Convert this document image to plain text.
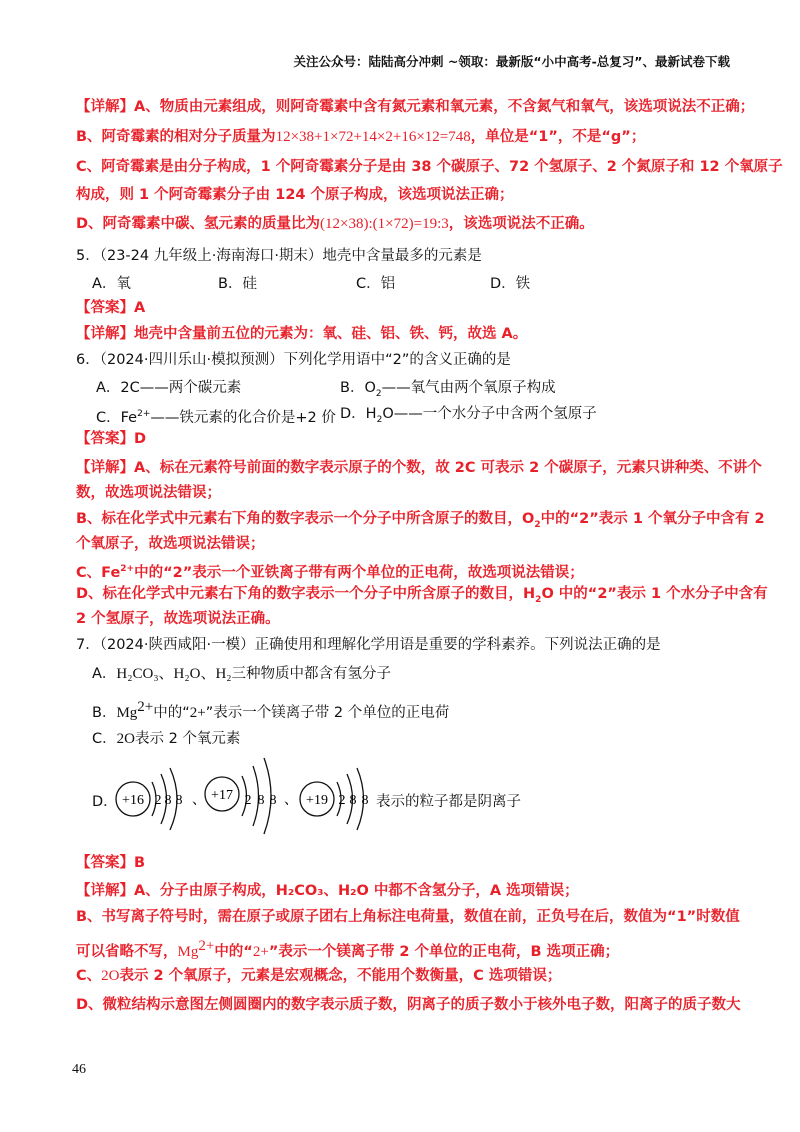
关注公众号：陆陆高分冲刺 ~领取：最新版“小中高考-总复习”、最新试卷下载
【详解】A、物质由元素组成，则阿奇霉素中含有氮元素和氧元素，不含氮气和氧气，该选项说法不正确；
B、阿奇霉素的相对分子质量为12×38+1×72+14×2+16×12=748，单位是“1”，不是“g”；
C、阿奇霉素是由分子构成，1 个阿奇霉素分子是由 38 个碳原子、72 个氢原子、2 个氮原子和 12 个氧原子
构成，则 1 个阿奇霉素分子由 124 个原子构成，该选项说法正确；
D、阿奇霉素中碳、氢元素的质量比为(12×38):(1×72)=19:3，该选项说法不正确。
5．（23-24 九年级上·海南海口·期末）地壳中含量最多的元素是
A．氧	B．硅	C．铝	D．铁
【答案】A
【详解】地壳中含量前五位的元素为：氧、硅、铝、铁、钙，故选 A。
6．（2024·四川乐山·模拟预测）下列化学用语中“2”的含义正确的是
A．2C——两个碳元素	B．$O_2——$氧气由两个氧原子构成
C．$Fe^{2+}——$铁元素的化合价是+2 价 D．$H_2O——$一个水分子中含两个氢原子
【答案】D
【详解】A、标在元素符号前面的数字表示原子的个数，故 2C 可表示 2 个碳原子，元素只讲种类、不讲个
数，故选项说法错误；
B、标在化学式中元素右下角的数字表示一个分子中所含原子的数目，$O_2$中的“2”表示 1 个氧分子中含有 2
个氧原子，故选项说法错误；
C、$Fe^{2+}$中的“2”表示一个亚铁离子带有两个单位的正电荷，故选项说法错误；
D、标在化学式中元素右下角的数字表示一个分子中所含原子的数目，$H_2O$ 中的“2”表示 1 个水分子中含有
2 个氢原子，故选项说法正确。
7．（2024·陕西咸阳·一模）正确使用和理解化学用语是重要的学科素养。下列说法正确的是
A．H₂CO₃、H₂O、H₂三种物质中都含有氢分子
B．$Mg^{2+}$中的“2+”表示一个镁离子带 2 个单位的正电荷
C．2O表示 2 个氧元素
D． +16 2 8 8 、 +17 2 8 8 、 +19 2 8 8 表示的粒子都是阴离子
【答案】B
【详解】A、分子由原子构成，H₂CO₃、H₂O 中都不含氢分子，A 选项错误；
B、书写离子符号时，需在原子或原子团右上角标注电荷量，数值在前，正负号在后，数值为“1”时数值
可以省略不写，$Mg^{2+}$中的“2+”表示一个镁离子带 2 个单位的正电荷，B 选项正确；
C、2O表示 2 个氧原子，元素是宏观概念，不能用个数衡量，C 选项错误；
D、微粒结构示意图左侧圆圈内的数字表示质子数，阴离子的质子数小于核外电子数，阳离子的质子数大
46
